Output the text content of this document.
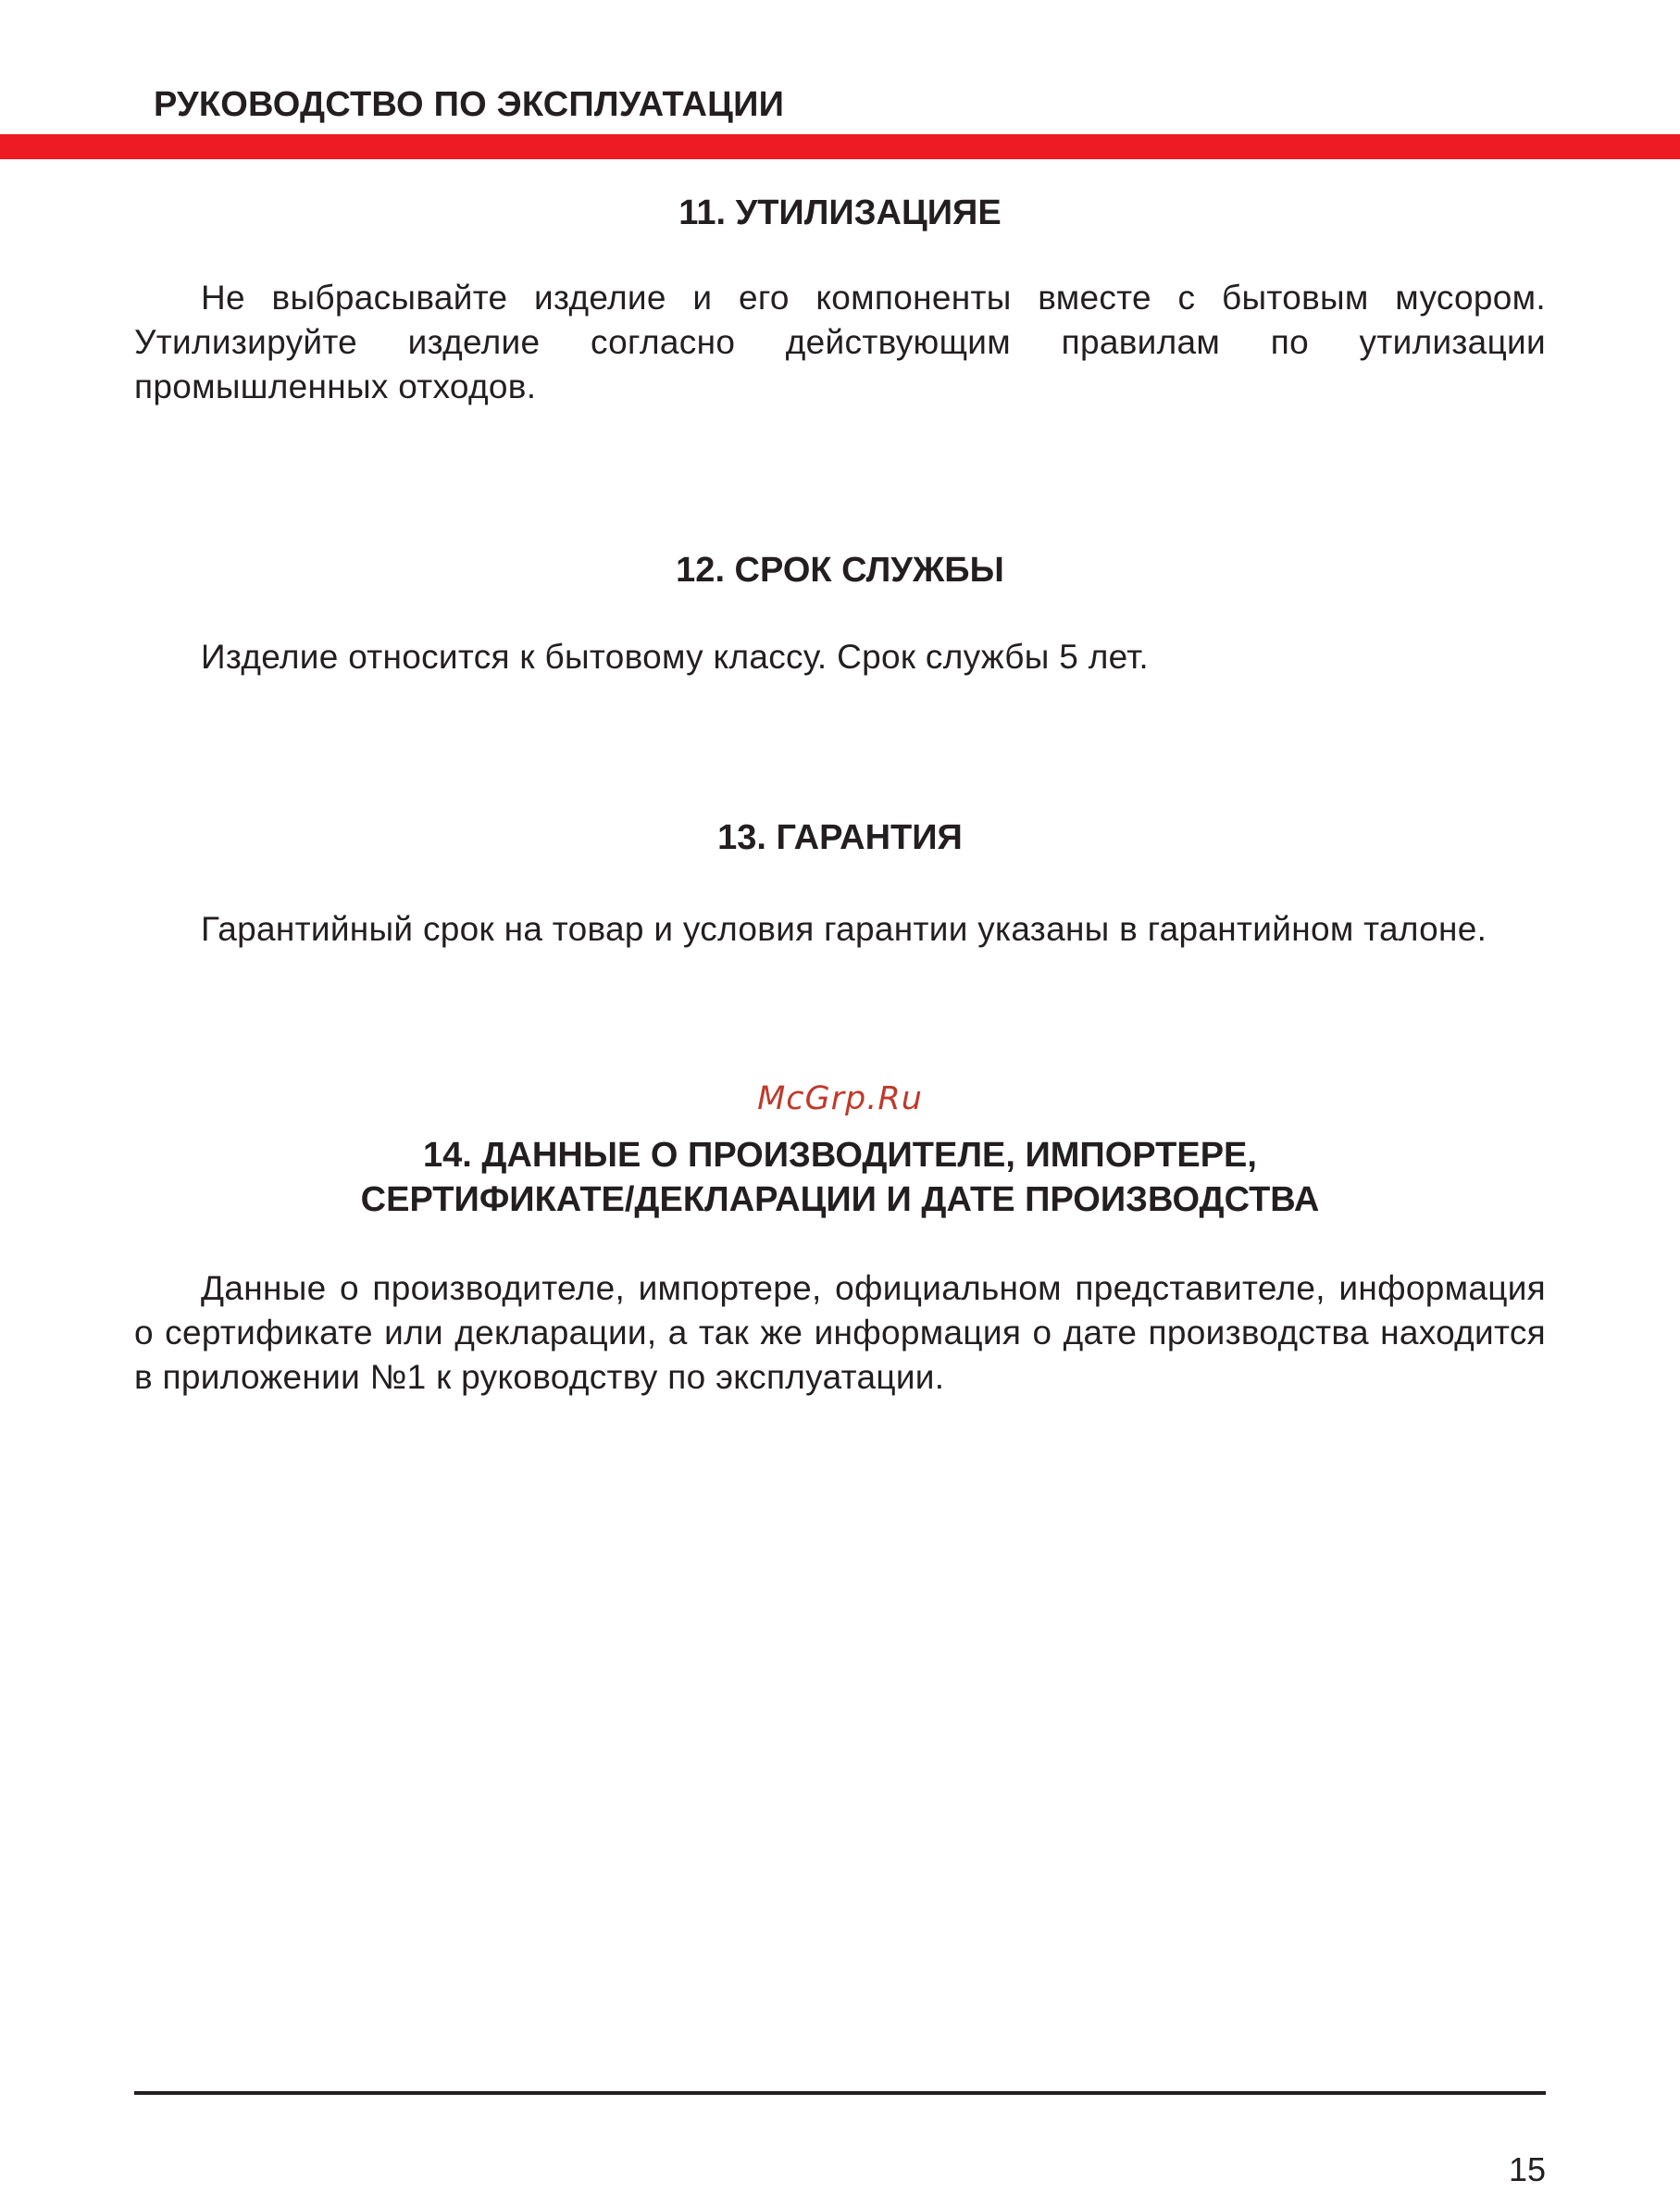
РУКОВОДСТВО ПО ЭКСПЛУАТАЦИИ
11. УТИЛИЗАЦИЯЕ
Не выбрасывайте изделие и его компоненты вместе с бытовым мусором. Утилизируйте изделие согласно действующим правилам по утилизации промышленных отходов.
12. СРОК СЛУЖБЫ
Изделие относится к бытовому классу. Срок службы 5 лет.
13. ГАРАНТИЯ
Гарантийный срок на товар и условия гарантии указаны в гарантийном талоне.
McGrp.Ru
14. ДАННЫЕ О ПРОИЗВОДИТЕЛЕ, ИМПОРТЕРЕ,
СЕРТИФИКАТЕ/ДЕКЛАРАЦИИ И ДАТЕ ПРОИЗВОДСТВА
Данные о производителе, импортере, официальном представителе, информация о сертификате или декларации, а так же информация о дате производства находится в приложении №1 к руководству по эксплуатации.
15
